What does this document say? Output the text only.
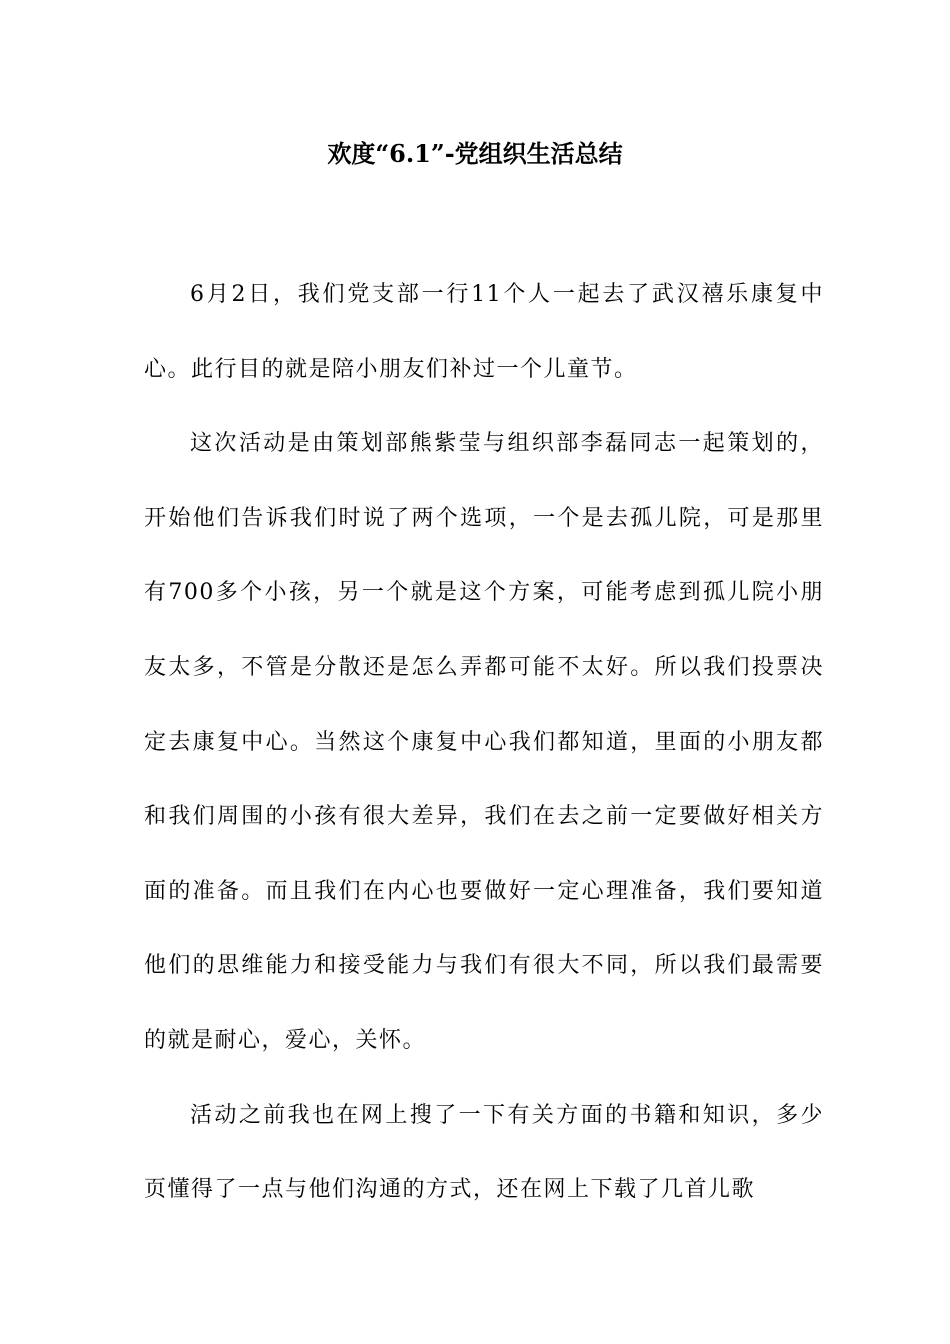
欢度“6.1”-党组织生活总结

6月2日，我们党支部一行11个人一起去了武汉禧乐康复中心。此行目的就是陪小朋友们补过一个儿童节。

这次活动是由策划部熊紫莹与组织部李磊同志一起策划的，开始他们告诉我们时说了两个选项，一个是去孤儿院，可是那里有700多个小孩，另一个就是这个方案，可能考虑到孤儿院小朋友太多，不管是分散还是怎么弄都可能不太好。所以我们投票决定去康复中心。当然这个康复中心我们都知道，里面的小朋友都和我们周围的小孩有很大差异，我们在去之前一定要做好相关方面的准备。而且我们在内心也要做好一定心理准备，我们要知道他们的思维能力和接受能力与我们有很大不同，所以我们最需要的就是耐心，爱心，关怀。

活动之前我也在网上搜了一下有关方面的书籍和知识，多少页懂得了一点与他们沟通的方式，还在网上下载了几首儿歌
